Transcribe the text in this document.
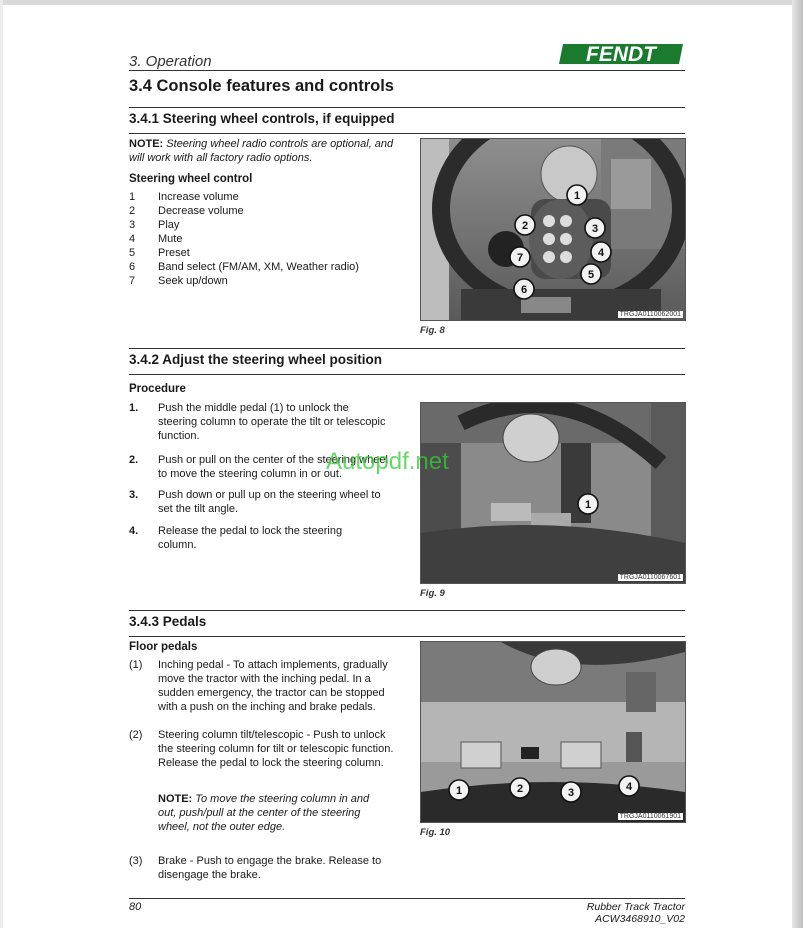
3. Operation	FENDT
3.4 Console features and controls
3.4.1 Steering wheel controls, if equipped
NOTE: Steering wheel radio controls are optional, and will work with all factory radio options.
Steering wheel control
1	Increase volume
2	Decrease volume
3	Play
4	Mute
5	Preset
6	Band select (FM/AM, XM, Weather radio)
7	Seek up/down
1
2	3
7	4
5
6
TRGJA0110062001
Fig. 8
3.4.2 Adjust the steering wheel position
Procedure
1.	Push the middle pedal (1) to unlock the steering column to operate the tilt or telescopic function.
2.	Push or pull on the center of the steering wheel to move the steering column in or out.
3.	Push down or pull up on the steering wheel to set the tilt angle.
4.	Release the pedal to lock the steering column.
1
TRGJA0110067601
Fig. 9
Autopdf.net
3.4.3 Pedals
Floor pedals
(1)	Inching pedal - To attach implements, gradually move the tractor with the inching pedal. In a sudden emergency, the tractor can be stopped with a push on the inching and brake pedals.
(2)	Steering column tilt/telescopic - Push to unlock the steering column for tilt or telescopic function. Release the pedal to lock the steering column.
NOTE: To move the steering column in and out, push/pull at the center of the steering wheel, not the outer edge.
(3)	Brake - Push to engage the brake. Release to disengage the brake.
1	2	3	4
TRGJA0110061901
Fig. 10
80	Rubber Track Tractor
ACW3468910_V02
